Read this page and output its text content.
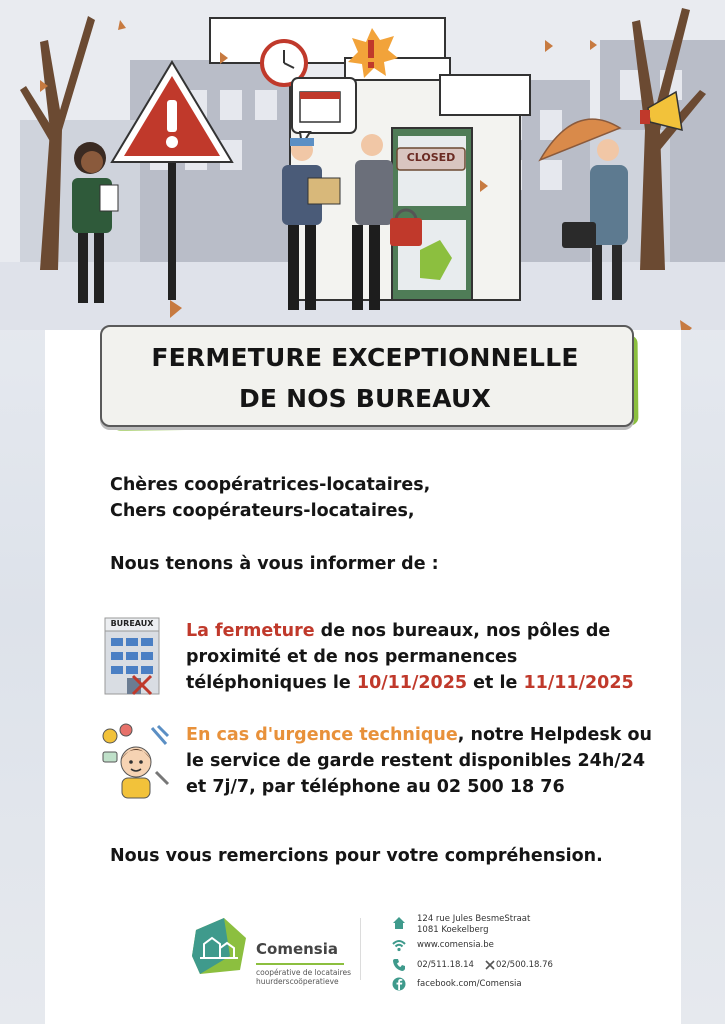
CLOSED
FERMETURE EXCEPTIONNELLE
DE NOS BUREAUX
Chères coopératrices-locataires,
Chers coopérateurs-locataires,
Nous tenons à vous informer de :
BUREAUX	La fermeture de nos bureaux, nos pôles de
proximité et de nos permanences
téléphoniques le 10/11/2025 et le 11/11/2025
En cas d'urgence technique, notre Helpdesk ou
le service de garde restent disponibles 24h/24
et 7j/7, par téléphone au 02 500 18 76
Nous vous remercions pour votre compréhension.
Comensia
coopérative de locataires
huurderscoöperatieve
124 rue Jules BesmeStraat
1081 Koekelberg
www.comensia.be
02/511.18.14	02/500.18.76
facebook.com/Comensia
